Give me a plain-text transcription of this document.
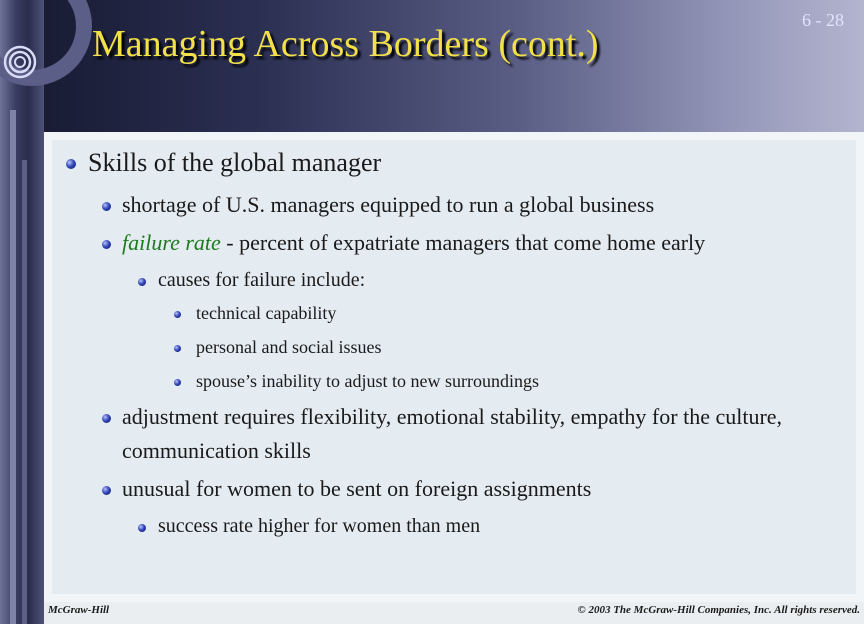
6 - 28
Managing Across Borders (cont.)
Skills of the global manager
shortage of U.S. managers equipped to run a global business
failure rate - percent of expatriate managers that come home early
causes for failure include:
technical capability
personal and social issues
spouse’s inability to adjust to new surroundings
adjustment requires flexibility, emotional stability, empathy for the culture, communication skills
unusual for women to be sent on foreign assignments
success rate higher for women than men
McGraw-Hill	© 2003 The McGraw-Hill Companies, Inc. All rights reserved.
